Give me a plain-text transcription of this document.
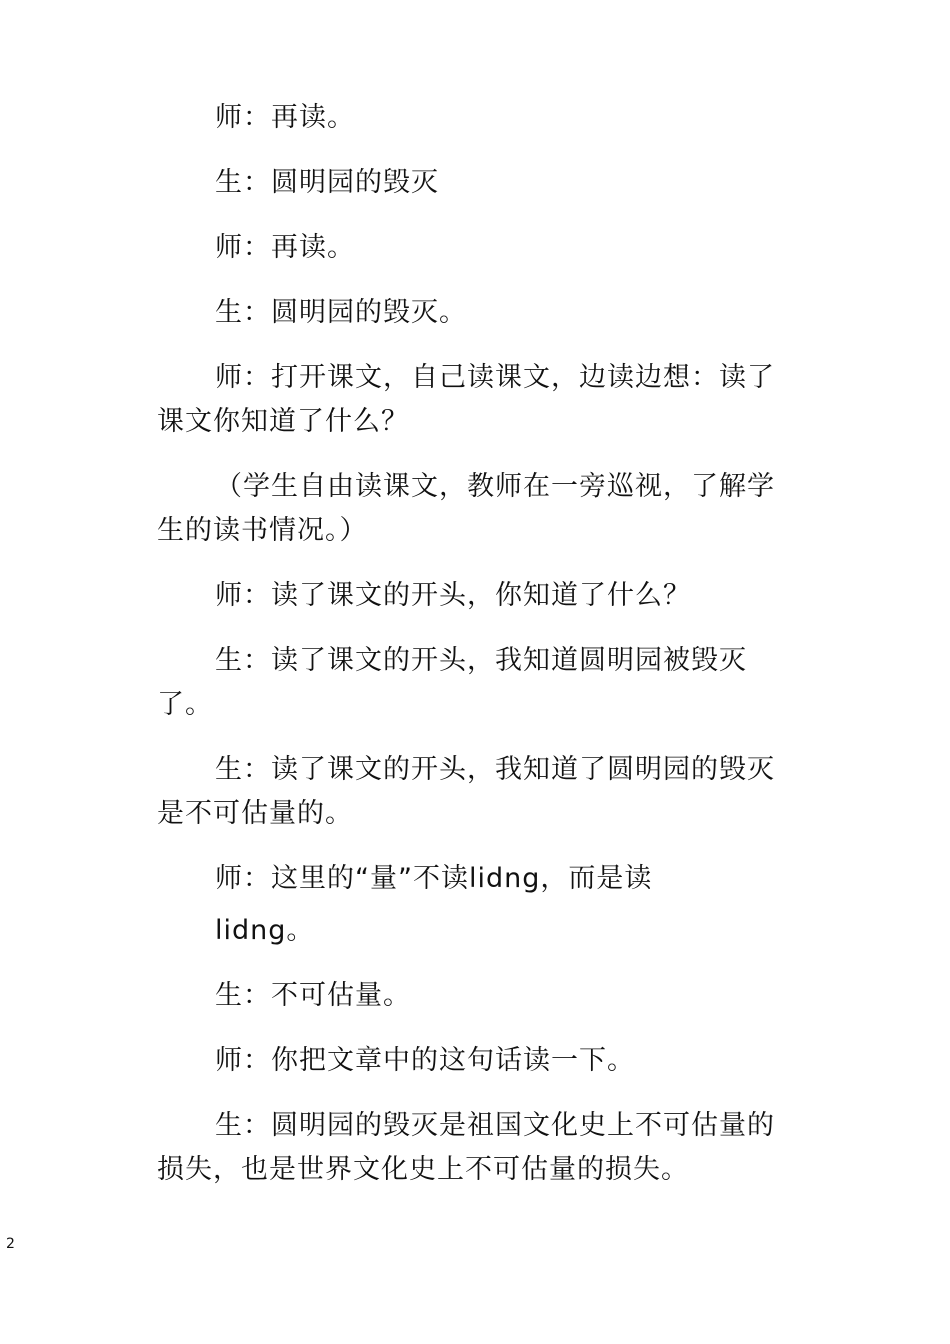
师：再读。

生：圆明园的毁灭

师：再读。

生：圆明园的毁灭。

师：打开课文，自己读课文，边读边想：读了课文你知道了什么？

（学生自由读课文，教师在一旁巡视，了解学生的读书情况。）

师：读了课文的开头，你知道了什么？

生：读了课文的开头，我知道圆明园被毁灭了。

生：读了课文的开头，我知道了圆明园的毁灭是不可估量的。

师：这里的“量”不读lidng，而是读

lidng。

生：不可估量。

师：你把文章中的这句话读一下。

生：圆明园的毁灭是祖国文化史上不可估量的损失，也是世界文化史上不可估量的损失。

2
